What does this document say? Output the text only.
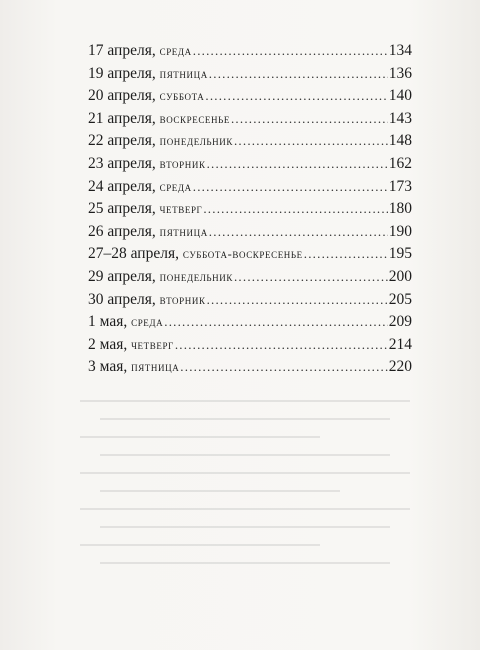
17 апреля , среда .....	134
19 апреля , пятница .....	136
20 апреля , суббота .....	140
21 апреля , воскресенье .....	143
22 апреля , понедельник .....	148
23 апреля , вторник .....	162
24 апреля , среда .....	173
25 апреля , четверг .....	180
26 апреля , пятница .....	190
27–28 апреля , суббота-воскресенье .....	195
29 апреля , понедельник .....	200
30 апреля , вторник .....	205
1 мая , среда .....	209
2 мая , четверг .....	214
3 мая , пятница .....	220
